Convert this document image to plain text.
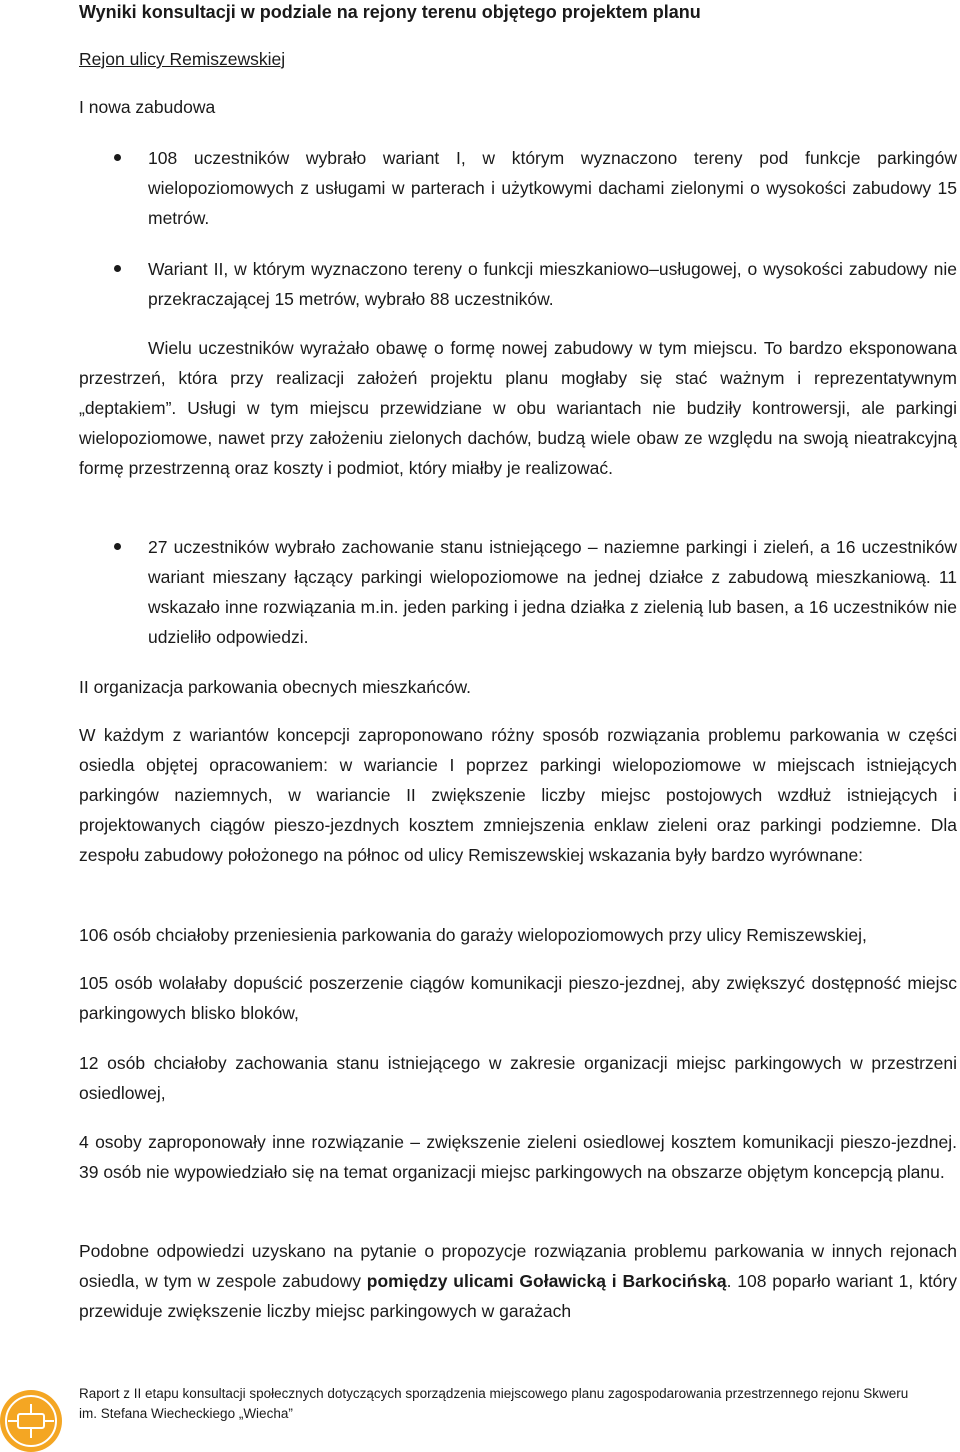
Wyniki konsultacji w podziale na rejony terenu objętego projektem planu
Rejon ulicy Remiszewskiej
I nowa zabudowa
108 uczestników wybrało wariant I, w którym wyznaczono tereny pod funkcje parkingów wielopoziomowych z usługami w parterach i użytkowymi dachami zielonymi o wysokości zabudowy 15 metrów.
Wariant II, w którym wyznaczono tereny o funkcji mieszkaniowo–usługowej, o wysokości zabudowy nie przekraczającej 15 metrów, wybrało 88 uczestników.
Wielu uczestników wyrażało obawę o formę nowej zabudowy w tym miejscu. To bardzo eksponowana przestrzeń, która przy realizacji założeń projektu planu mogłaby się stać ważnym i reprezentatywnym „deptakiem”. Usługi w tym miejscu przewidziane w obu wariantach nie budziły kontrowersji, ale parkingi wielopoziomowe, nawet przy założeniu zielonych dachów, budzą wiele obaw ze względu na swoją nieatrakcyjną formę przestrzenną oraz koszty i podmiot, który miałby je realizować.
27 uczestników wybrało zachowanie stanu istniejącego – naziemne parkingi i zieleń, a 16 uczestników wariant mieszany łączący parkingi wielopoziomowe na jednej działce z zabudową mieszkaniową. 11 wskazało inne rozwiązania m.in. jeden parking i jedna działka z zielenią lub basen, a 16 uczestników nie udzieliło odpowiedzi.
II organizacja parkowania obecnych mieszkańców.
W każdym z wariantów koncepcji zaproponowano różny sposób rozwiązania problemu parkowania w części osiedla objętej opracowaniem: w wariancie I poprzez parkingi wielopoziomowe w miejscach istniejących parkingów naziemnych, w wariancie II zwiększenie liczby miejsc postojowych wzdłuż istniejących i projektowanych ciągów pieszo-jezdnych kosztem zmniejszenia enklaw zieleni oraz parkingi podziemne. Dla zespołu zabudowy położonego na północ od ulicy Remiszewskiej wskazania były bardzo wyrównane:
106 osób chciałoby przeniesienia parkowania do garaży wielopoziomowych przy ulicy Remiszewskiej,
105 osób wolałaby dopuścić poszerzenie ciągów komunikacji pieszo-jezdnej, aby zwiększyć dostępność miejsc parkingowych blisko bloków,
12 osób chciałoby zachowania stanu istniejącego w zakresie organizacji miejsc parkingowych w przestrzeni osiedlowej,
4 osoby zaproponowały inne rozwiązanie – zwiększenie zieleni osiedlowej kosztem komunikacji pieszo-jezdnej. 39 osób nie wypowiedziało się na temat organizacji miejsc parkingowych na obszarze objętym koncepcją planu.
Podobne odpowiedzi uzyskano na pytanie o propozycje rozwiązania problemu parkowania w innych rejonach osiedla, w tym w zespole zabudowy pomiędzy ulicami Goławicką i Barkocińską. 108 poparło wariant 1, który przewiduje zwiększenie liczby miejsc parkingowych w garażach
Raport z II etapu konsultacji społecznych dotyczących sporządzenia miejscowego planu zagospodarowania przestrzennego rejonu Skweru
im. Stefana Wiecheckiego „Wiecha”
